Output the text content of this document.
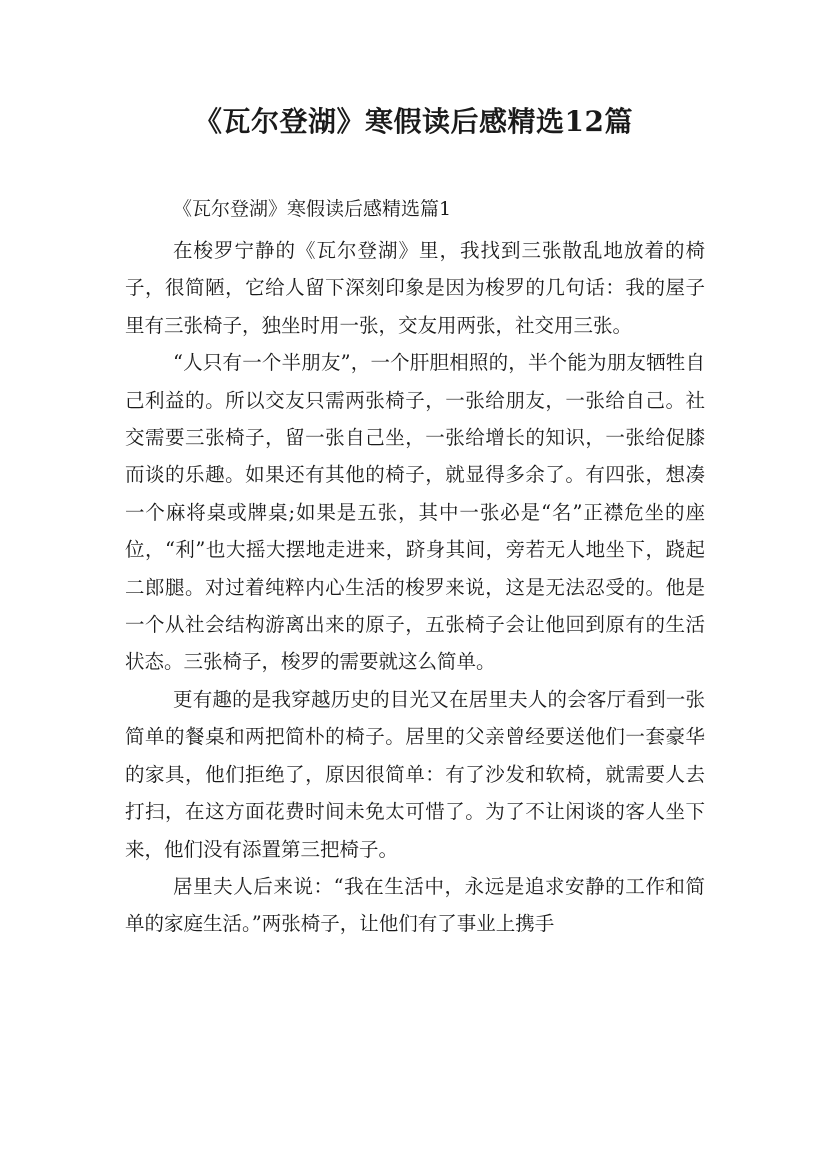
《瓦尔登湖》寒假读后感精选12篇
《瓦尔登湖》寒假读后感精选篇1

在梭罗宁静的《瓦尔登湖》里，我找到三张散乱地放着的椅子，很简陋，它给人留下深刻印象是因为梭罗的几句话：我的屋子里有三张椅子，独坐时用一张，交友用两张，社交用三张。

“人只有一个半朋友”，一个肝胆相照的，半个能为朋友牺牲自己利益的。所以交友只需两张椅子，一张给朋友，一张给自己。社交需要三张椅子，留一张自己坐，一张给增长的知识，一张给促膝而谈的乐趣。如果还有其他的椅子，就显得多余了。有四张，想凑一个麻将桌或牌桌;如果是五张，其中一张必是“名”正襟危坐的座位，“利”也大摇大摆地走进来，跻身其间，旁若无人地坐下，跷起二郎腿。对过着纯粹内心生活的梭罗来说，这是无法忍受的。他是一个从社会结构游离出来的原子，五张椅子会让他回到原有的生活状态。三张椅子，梭罗的需要就这么简单。

更有趣的是我穿越历史的目光又在居里夫人的会客厅看到一张简单的餐桌和两把简朴的椅子。居里的父亲曾经要送他们一套豪华的家具，他们拒绝了，原因很简单：有了沙发和软椅，就需要人去打扫，在这方面花费时间未免太可惜了。为了不让闲谈的客人坐下来，他们没有添置第三把椅子。

居里夫人后来说：“我在生活中，永远是追求安静的工作和简单的家庭生活。”两张椅子，让他们有了事业上携手
